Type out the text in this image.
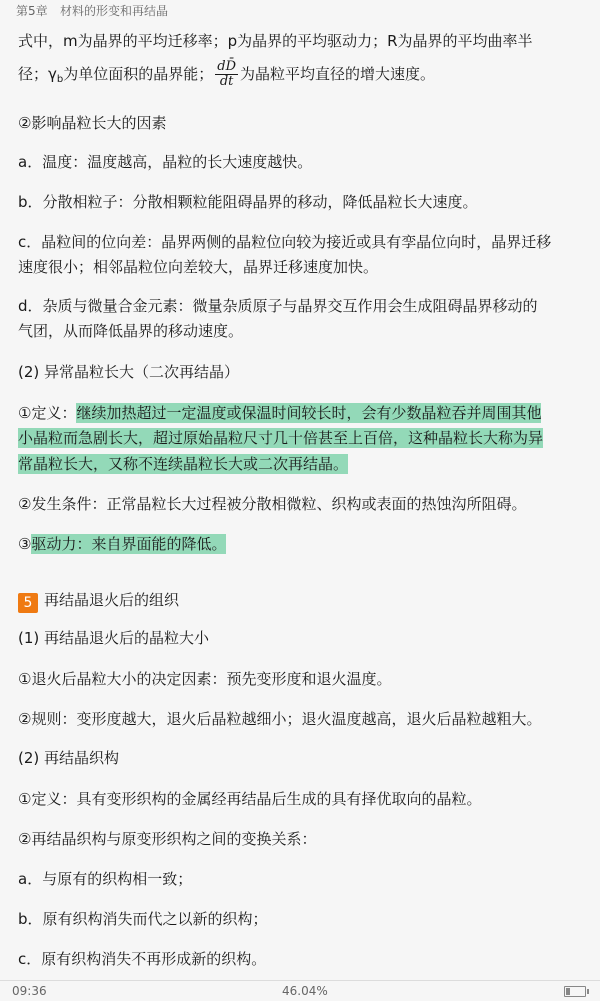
第5章 材料的形变和再结晶
式中，m为晶界的平均迁移率；p为晶界的平均驱动力；R为晶界的平均曲率半
径；$\gamma_b$为单位面积的晶界能； $\frac{dD̄}{dt}$ 为晶粒平均直径的增大速度。
②影响晶粒长大的因素
a．温度：温度越高，晶粒的长大速度越快。
b．分散相粒子：分散相颗粒能阻碍晶界的移动，降低晶粒长大速度。
c．晶粒间的位向差：晶界两侧的晶粒位向较为接近或具有孪晶位向时，晶界迁移
速度很小；相邻晶粒位向差较大，晶界迁移速度加快。
d．杂质与微量合金元素：微量杂质原子与晶界交互作用会生成阻碍晶界移动的
气团，从而降低晶界的移动速度。
(2) 异常晶粒长大（二次再结晶）
①定义：继续加热超过一定温度或保温时间较长时，会有少数晶粒吞并周围其他
小晶粒而急剧长大，超过原始晶粒尺寸几十倍甚至上百倍，这种晶粒长大称为异
常晶粒长大，又称不连续晶粒长大或二次再结晶。
②发生条件：正常晶粒长大过程被分散相微粒、织构或表面的热蚀沟所阻碍。
③驱动力：来自界面能的降低。
5 再结晶退火后的组织
(1) 再结晶退火后的晶粒大小
①退火后晶粒大小的决定因素：预先变形度和退火温度。
②规则：变形度越大，退火后晶粒越细小；退火温度越高，退火后晶粒越粗大。
(2) 再结晶织构
①定义：具有变形织构的金属经再结晶后生成的具有择优取向的晶粒。
②再结晶织构与原变形织构之间的变换关系：
a．与原有的织构相一致；
b．原有织构消失而代之以新的织构；
c．原有织构消失不再形成新的织构。
09:36	46.04%
